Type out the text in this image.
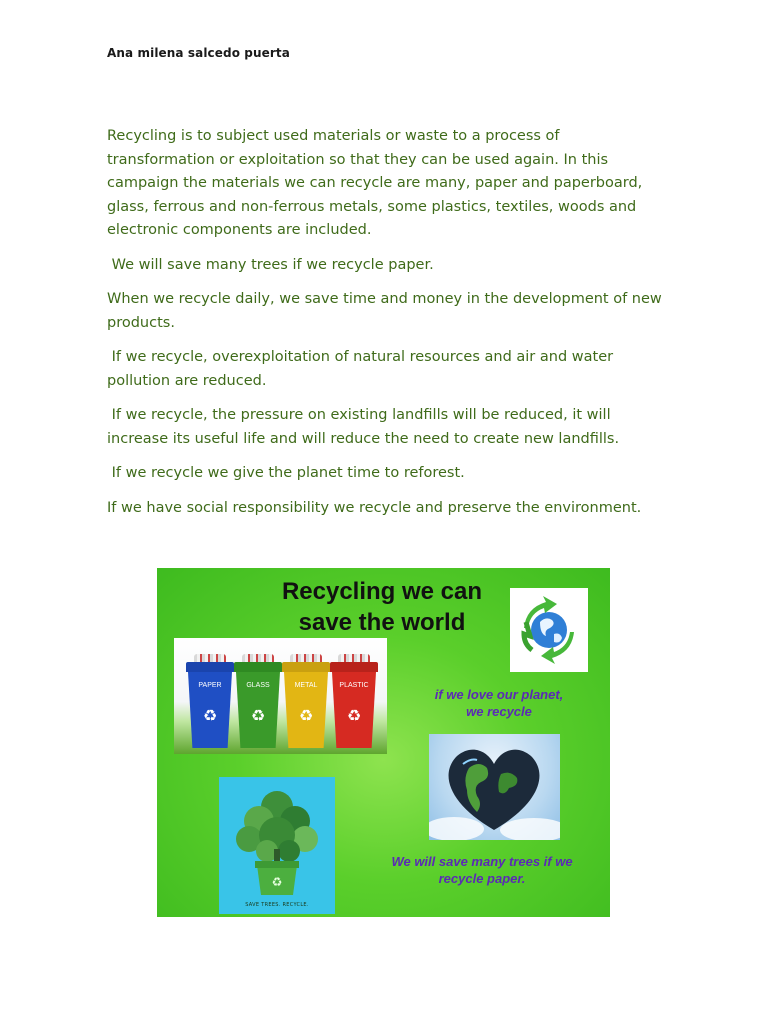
Ana milena salcedo puerta

Recycling is to subject used materials or waste to a process of transformation or exploitation so that they can be used again. In this campaign the materials we can recycle are many, paper and paperboard, glass, ferrous and non-ferrous metals, some plastics, textiles, woods and electronic components are included.

We will save many trees if we recycle paper.

When we recycle daily, we save time and money in the development of new products.

If we recycle, overexploitation of natural resources and air and water pollution are reduced.

If we recycle, the pressure on existing landfills will be reduced, it will increase its useful life and will reduce the need to create new landfills.

If we recycle we give the planet time to reforest.

If we have social responsibility we recycle and preserve the environment.

Recycling we can
save the world
PAPER
♻
GLASS
♻
METAL
♻
PLASTIC
♻
if we love our planet,
we recycle
♻
SAVE TREES. RECYCLE.
We will save many trees if we
recycle paper.
